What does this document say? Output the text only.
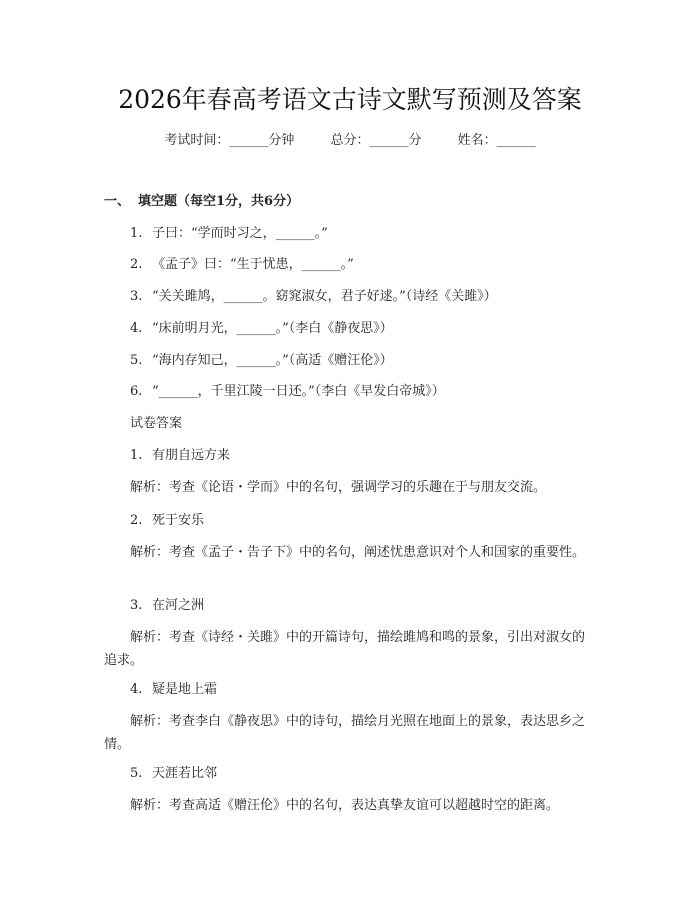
2026年春高考语文古诗文默写预测及答案
考试时间：______分钟	总分：______分	姓名：______
一、 填空题（每空1分，共6分）
1. 子曰：“学而时习之，______。”
2. 《孟子》曰：“生于忧患，______。”
3. “关关雎鸠，______。窈窕淑女，君子好逑。”（诗经《关雎》）
4. “床前明月光，______。”（李白《静夜思》）
5. “海内存知己，______。”（高适《赠汪伦》）
6. “______，千里江陵一日还。”（李白《早发白帝城》）
试卷答案
1. 有朋自远方来
解析：考查《论语・学而》中的名句，强调学习的乐趣在于与朋友交流。
2. 死于安乐
解析：考查《孟子・告子下》中的名句，阐述忧患意识对个人和国家的重要性。
3. 在河之洲
解析：考查《诗经・关雎》中的开篇诗句，描绘雎鸠和鸣的景象，引出对淑女的追求。
4. 疑是地上霜
解析：考查李白《静夜思》中的诗句，描绘月光照在地面上的景象，表达思乡之情。
5. 天涯若比邻
解析：考查高适《赠汪伦》中的名句，表达真挚友谊可以超越时空的距离。
